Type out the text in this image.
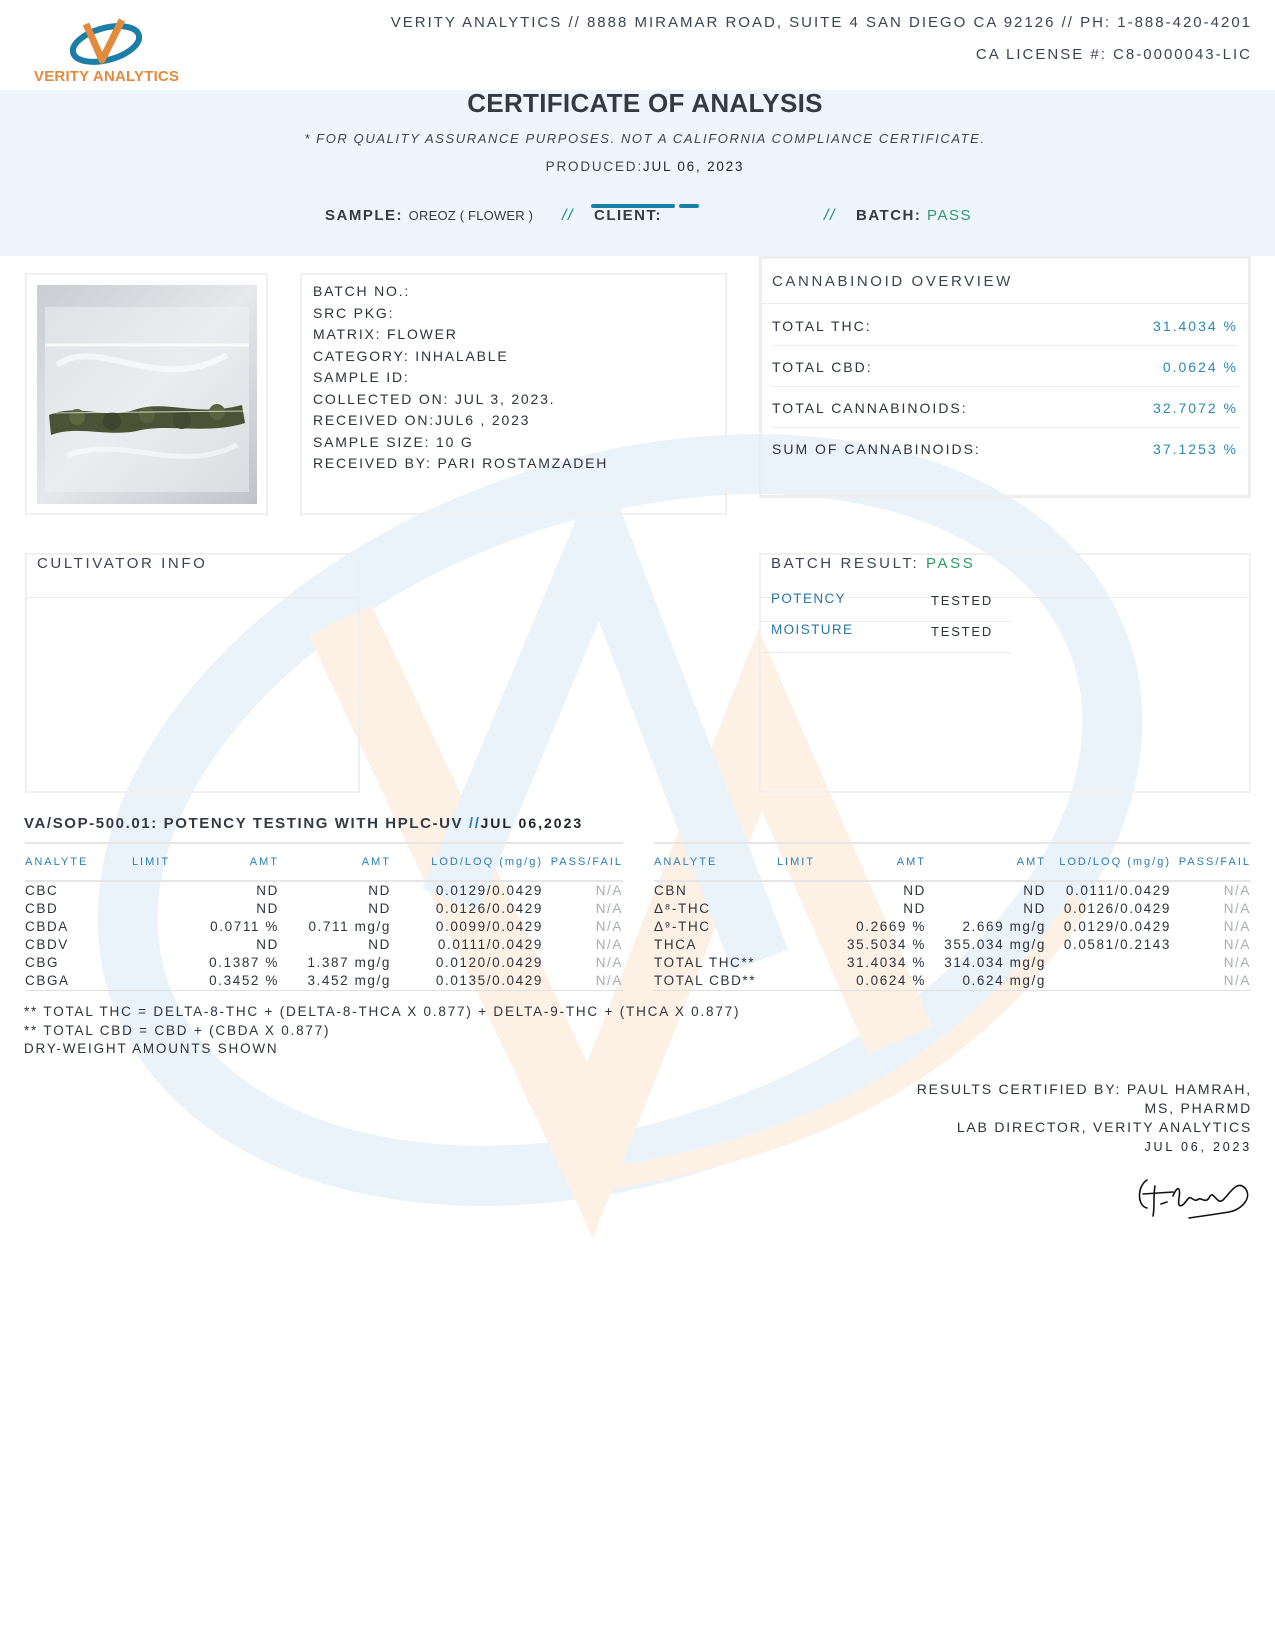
VERITY ANALYTICS
VERITY ANALYTICS // 8888 MIRAMAR ROAD, SUITE 4 SAN DIEGO CA 92126 // PH: 1-888-420-4201
CA LICENSE #: C8-0000043-LIC
CERTIFICATE OF ANALYSIS
* FOR QUALITY ASSURANCE PURPOSES. NOT A CALIFORNIA COMPLIANCE CERTIFICATE.
PRODUCED:JUL 06, 2023
SAMPLE: OREOZ ( FLOWER ) // CLIENT:	// BATCH: PASS
BATCH NO.:
SRC PKG:
MATRIX: FLOWER
CATEGORY: INHALABLE
SAMPLE ID:
COLLECTED ON: JUL 3, 2023.
RECEIVED ON:JUL6 , 2023
SAMPLE SIZE: 10 G
RECEIVED BY: PARI ROSTAMZADEH
CANNABINOID OVERVIEW
TOTAL THC:	31.4034 %
TOTAL CBD:	0.0624 %
TOTAL CANNABINOIDS:	32.7072 %
SUM OF CANNABINOIDS:	37.1253 %
CULTIVATOR INFO	BATCH RESULT: PASS
POTENCY	TESTED
MOISTURE	TESTED
VA/SOP-500.01: POTENCY TESTING WITH HPLC-UV //JUL 06,2023
ANALYTE	LIMIT	AMT	AMT	LOD/LOQ (mg/g)	PASS/FAIL
CBC		ND	ND	0.0129/0.0429	N/A
CBD		ND	ND	0.0126/0.0429	N/A
CBDA		0.0711 %	0.711 mg/g	0.0099/0.0429	N/A
CBDV		ND	ND	0.0111/0.0429	N/A
CBG		0.1387 %	1.387 mg/g	0.0120/0.0429	N/A
CBGA		0.3452 %	3.452 mg/g	0.0135/0.0429	N/A
ANALYTE	LIMIT	AMT	AMT	LOD/LOQ (mg/g)	PASS/FAIL
CBN		ND	ND	0.0111/0.0429	N/A
Δ⁸-THC		ND	ND	0.0126/0.0429	N/A
Δ⁹-THC		0.2669 %	2.669 mg/g	0.0129/0.0429	N/A
THCA		35.5034 %	355.034 mg/g	0.0581/0.2143	N/A
TOTAL THC**		31.4034 %	314.034 mg/g		N/A
TOTAL CBD**		0.0624 %	0.624 mg/g		N/A
** TOTAL THC = DELTA-8-THC + (DELTA-8-THCA X 0.877) + DELTA-9-THC + (THCA X 0.877)
** TOTAL CBD = CBD + (CBDA X 0.877)
DRY-WEIGHT AMOUNTS SHOWN
RESULTS CERTIFIED BY: PAUL HAMRAH, MS, PHARMD
LAB DIRECTOR, VERITY ANALYTICS
JUL 06, 2023
